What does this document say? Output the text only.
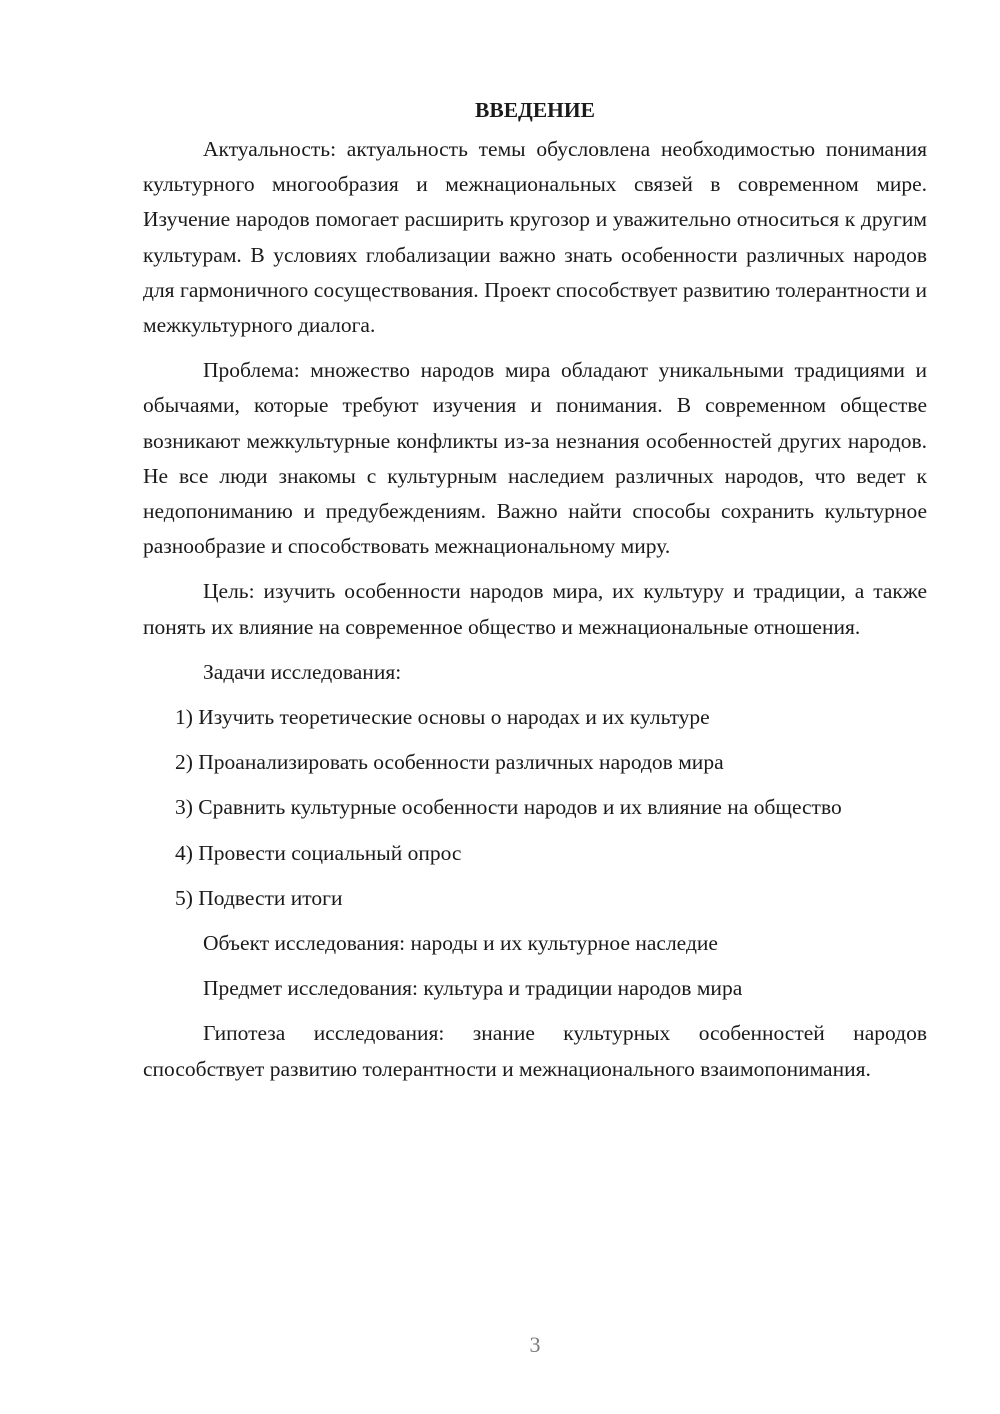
ВВЕДЕНИЕ

Актуальность: актуальность темы обусловлена необходимостью понимания культурного многообразия и межнациональных связей в современном мире. Изучение народов помогает расширить кругозор и уважительно относиться к другим культурам. В условиях глобализации важно знать особенности различных народов для гармоничного сосуществования. Проект способствует развитию толерантности и межкультурного диалога.

Проблема: множество народов мира обладают уникальными традициями и обычаями, которые требуют изучения и понимания. В современном обществе возникают межкультурные конфликты из-за незнания особенностей других народов. Не все люди знакомы с культурным наследием различных народов, что ведет к недопониманию и предубеждениям. Важно найти способы сохранить культурное разнообразие и способствовать межнациональному миру.

Цель: изучить особенности народов мира, их культуру и традиции, а также понять их влияние на современное общество и межнациональные отношения.

Задачи исследования:

1) Изучить теоретические основы о народах и их культуре

2) Проанализировать особенности различных народов мира

3) Сравнить культурные особенности народов и их влияние на общество

4) Провести социальный опрос

5) Подвести итоги

Объект исследования: народы и их культурное наследие

Предмет исследования: культура и традиции народов мира

Гипотеза исследования: знание культурных особенностей народов способствует развитию толерантности и межнационального взаимопонимания.

3
